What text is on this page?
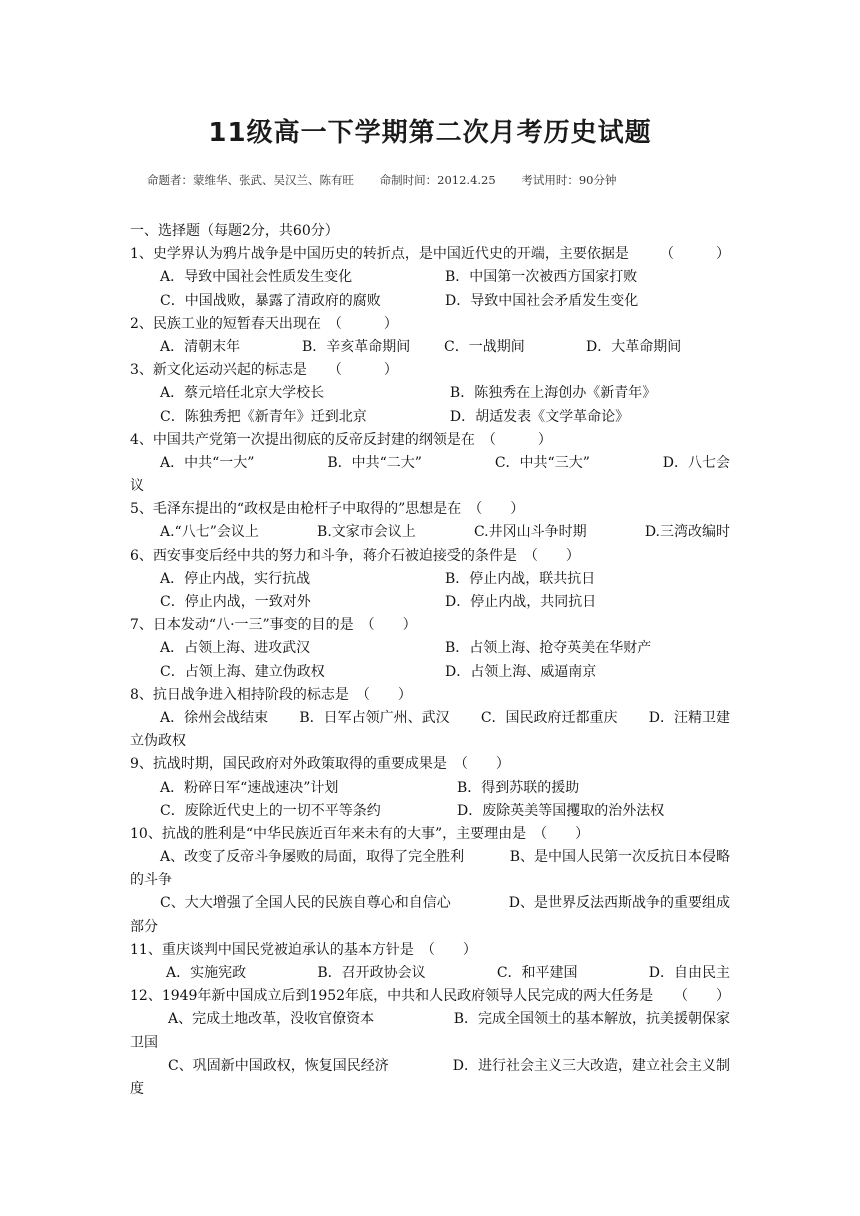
11级高一下学期第二次月考历史试题
命题者：蒙维华、张武、吴汉兰、陈有旺 命制时间：2012.4.25 考试用时：90分钟
一、选择题（每题2分，共60分）
1、史学界认为鸦片战争是中国历史的转折点，是中国近代史的开端，主要依据是 （　　　）
A．导致中国社会性质发生变化	B．中国第一次被西方国家打败
C．中国战败，暴露了清政府的腐败	D．导致中国社会矛盾发生变化
2、民族工业的短暂春天出现在　（　　　）
A．清朝末年	B．辛亥革命期间	C．一战期间	D．大革命期间
3、新文化运动兴起的标志是　　（　　　）
A．蔡元培任北京大学校长	B．陈独秀在上海创办《新青年》
C．陈独秀把《新青年》迁到北京	D．胡适发表《文学革命论》
4、中国共产党第一次提出彻底的反帝反封建的纲领是在　（　　　）
A．中共“一大”	B．中共“二大”	C．中共“三大”	D．八七会
议
5、毛泽东提出的“政权是由枪杆子中取得的”思想是在　（　　）
A.“八七”会议上	B.文家市会议上	C.井冈山斗争时期	D.三湾改编时
6、西安事变后经中共的努力和斗争，蒋介石被迫接受的条件是　（　　）
A．停止内战，实行抗战	B．停止内战，联共抗日
C．停止内战，一致对外	D．停止内战，共同抗日
7、日本发动“八·一三”事变的目的是　（　　）
A．占领上海、进攻武汉	B．占领上海、抢夺英美在华财产
C．占领上海、建立伪政权	D．占领上海、威逼南京
8、抗日战争进入相持阶段的标志是　（　　）
A．徐州会战结束 B．日军占领广州、武汉 C．国民政府迁都重庆 D．汪精卫建
立伪政权
9、抗战时期，国民政府对外政策取得的重要成果是　（　　）
A．粉碎日军“速战速决”计划	B．得到苏联的援助
C．废除近代史上的一切不平等条约	D．废除英美等国攫取的治外法权
10、抗战的胜利是“中华民族近百年来未有的大事”，主要理由是　（　　）
A、改变了反帝斗争屡败的局面，取得了完全胜利	B、是中国人民第一次反抗日本侵略
的斗争
C、大大增强了全国人民的民族自尊心和自信心	D、是世界反法西斯战争的重要组成
部分
11、重庆谈判中国民党被迫承认的基本方针是　（　　）
A．实施宪政	B．召开政协会议	C．和平建国	D．自由民主
12、1949年新中国成立后到1952年底，中共和人民政府领导人民完成的两大任务是 （　　）
A、完成土地改革，没收官僚资本	B．完成全国领土的基本解放，抗美援朝保家
卫国
C、巩固新中国政权，恢复国民经济	D．进行社会主义三大改造，建立社会主义制
度
